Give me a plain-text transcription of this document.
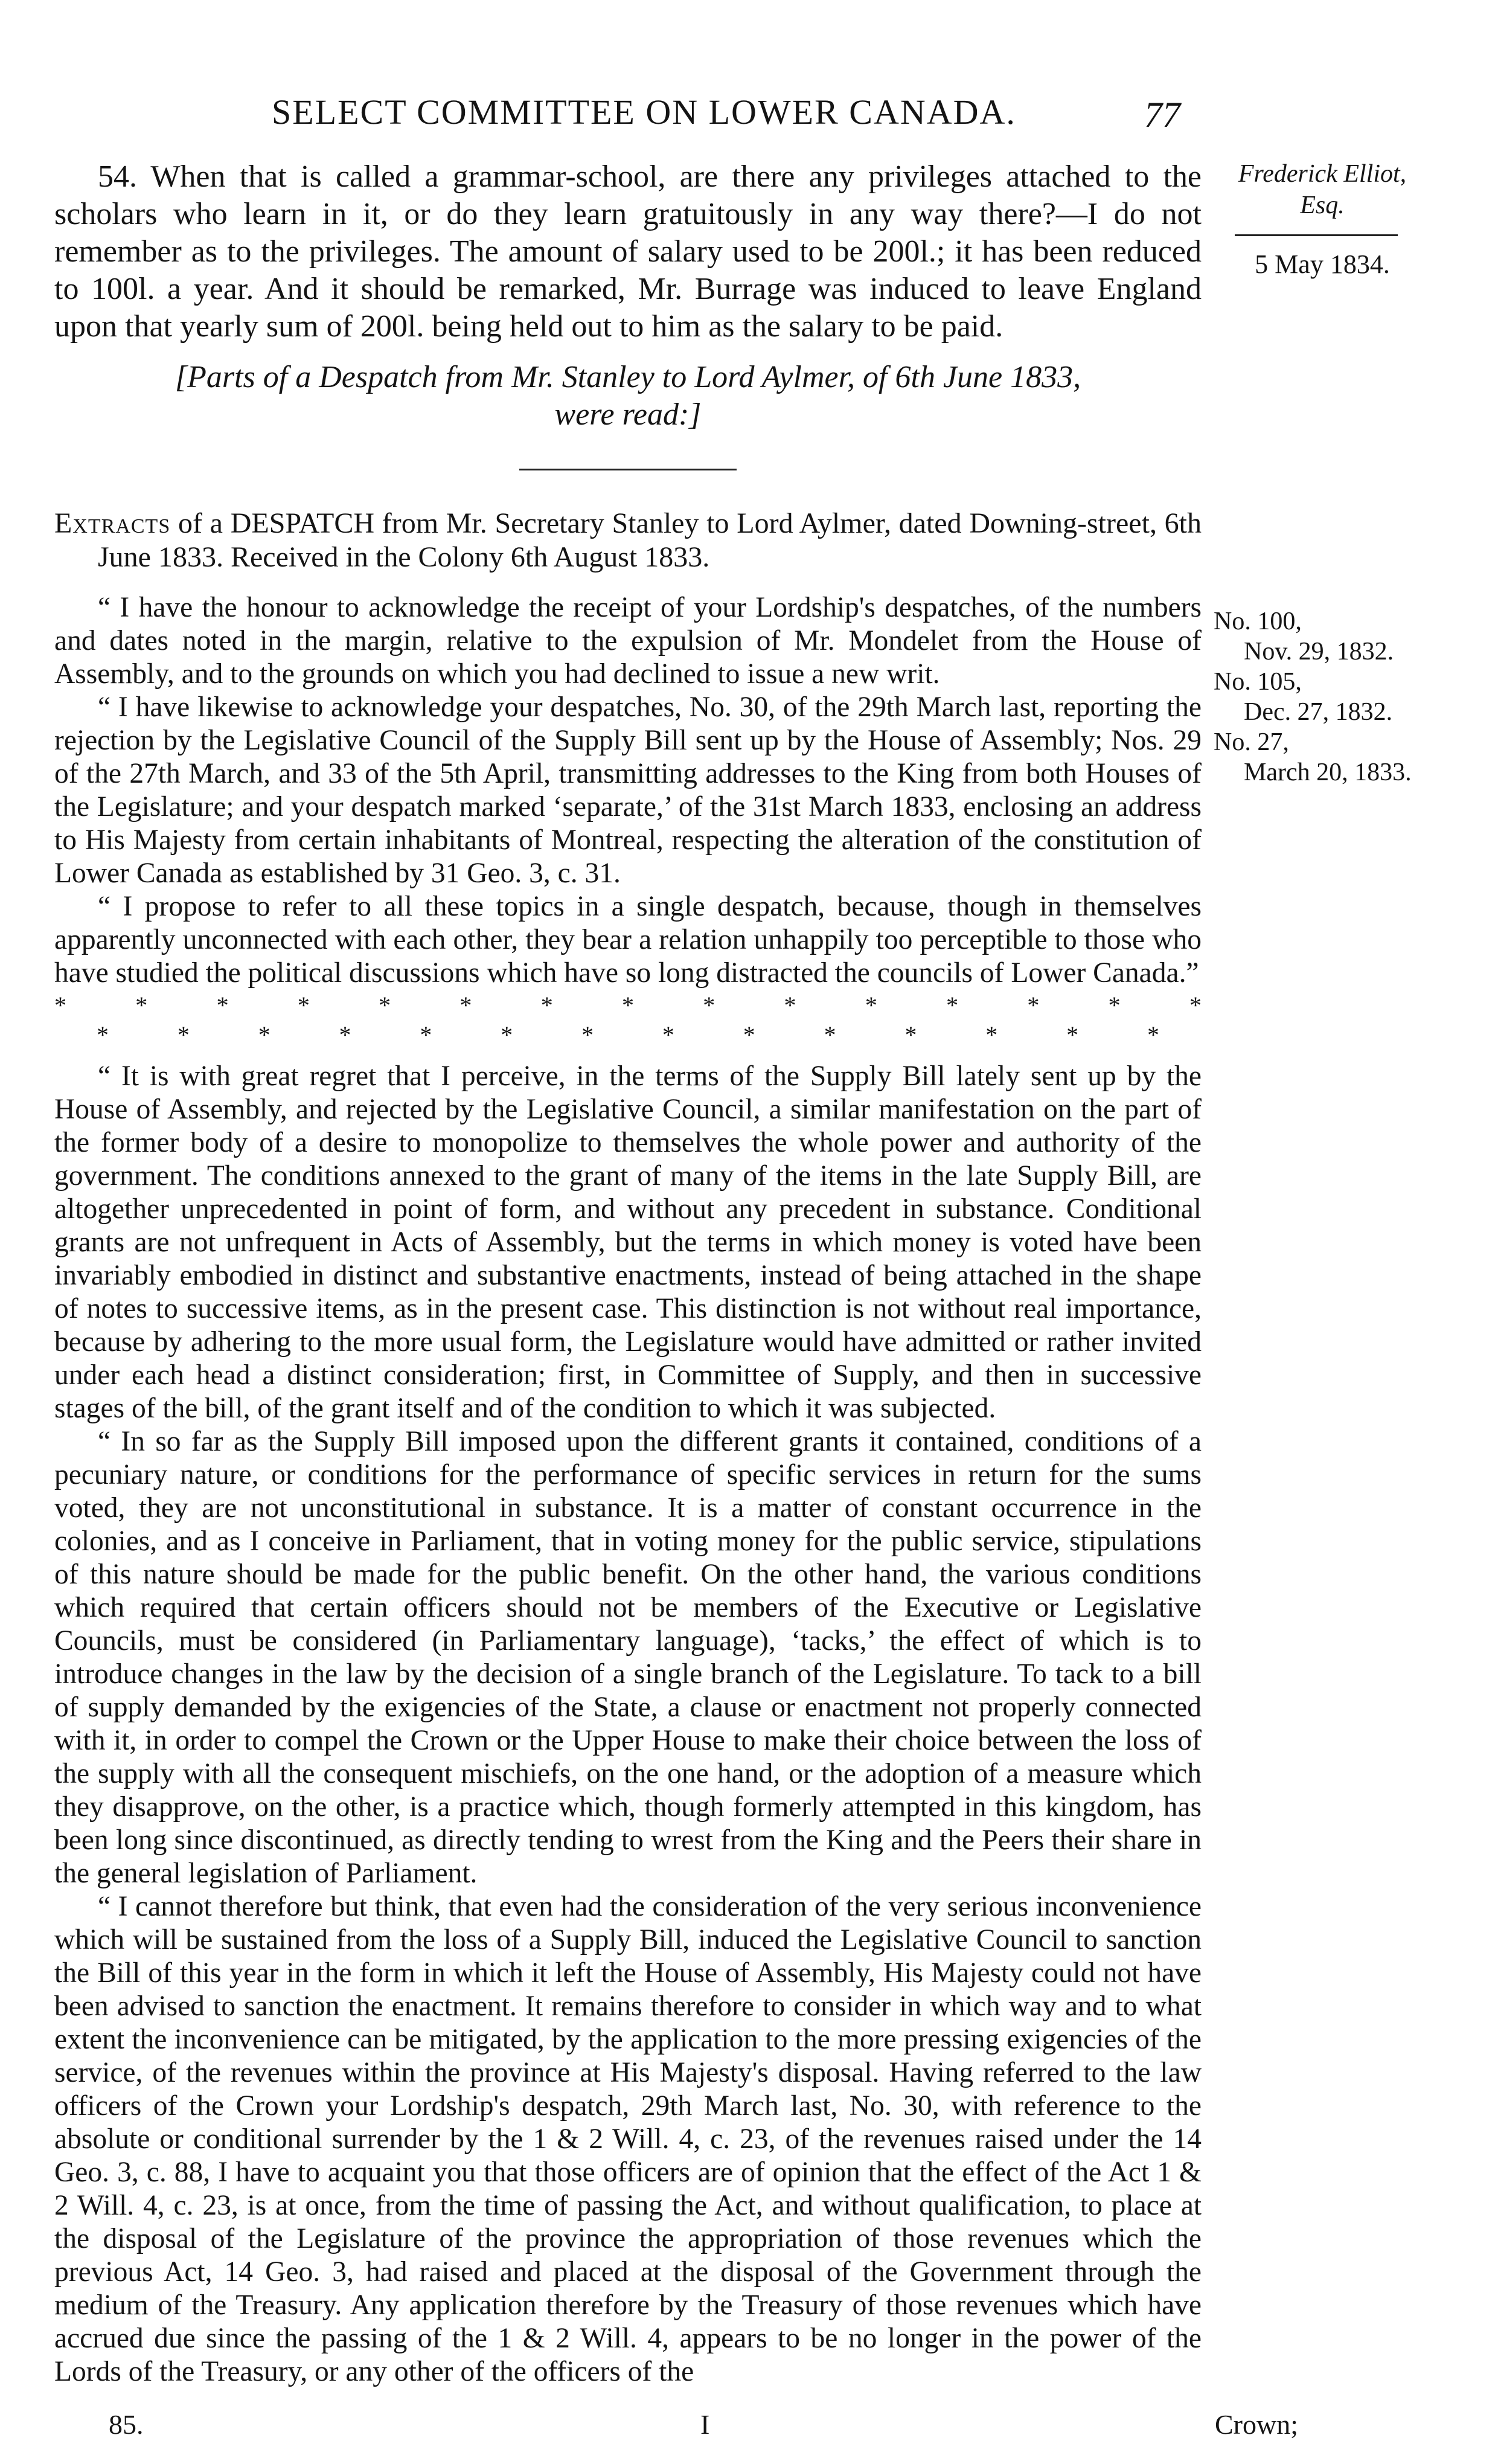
SELECT COMMITTEE ON LOWER CANADA.	77
Frederick Elliot, Esq.
5 May 1834.
No. 100,
Nov. 29, 1832.
No. 105,
Dec. 27, 1832.
No. 27,
March 20, 1833.

54. When that is called a grammar-school, are there any privileges attached to the scholars who learn in it, or do they learn gratuitously in any way there?—I do not remember as to the privileges. The amount of salary used to be 200l.; it has been reduced to 100l. a year. And it should be remarked, Mr. Burrage was induced to leave England upon that yearly sum of 200l. being held out to him as the salary to be paid.

[Parts of a Despatch from Mr. Stanley to Lord Aylmer, of 6th June 1833,
were read:]

Extracts of a DESPATCH from Mr. Secretary Stanley to Lord Aylmer, dated Downing-street, 6th June 1833. Received in the Colony 6th August 1833.

“ I have the honour to acknowledge the receipt of your Lordship's despatches, of the numbers and dates noted in the margin, relative to the expulsion of Mr. Mondelet from the House of Assembly, and to the grounds on which you had declined to issue a new writ.

“ I have likewise to acknowledge your despatches, No. 30, of the 29th March last, reporting the rejection by the Legislative Council of the Supply Bill sent up by the House of Assembly; Nos. 29 of the 27th March, and 33 of the 5th April, transmitting addresses to the King from both Houses of the Legislature; and your despatch marked ‘separate,’ of the 31st March 1833, enclosing an address to His Majesty from certain inhabitants of Montreal, respecting the alteration of the constitution of Lower Canada as established by 31 Geo. 3, c. 31.

“ I propose to refer to all these topics in a single despatch, because, though in themselves apparently unconnected with each other, they bear a relation unhappily too perceptible to those who have studied the political discussions which have so long distracted the councils of Lower Canada.”

*	*	*	*	*	*	*	*	*	*	*	*	*	*	*
*	*	*	*	*	*	*	*	*	*	*	*	*	*

“ It is with great regret that I perceive, in the terms of the Supply Bill lately sent up by the House of Assembly, and rejected by the Legislative Council, a similar manifestation on the part of the former body of a desire to monopolize to themselves the whole power and authority of the government. The conditions annexed to the grant of many of the items in the late Supply Bill, are altogether unprecedented in point of form, and without any precedent in substance. Conditional grants are not unfrequent in Acts of Assembly, but the terms in which money is voted have been invariably embodied in distinct and substantive enactments, instead of being attached in the shape of notes to successive items, as in the present case. This distinction is not without real importance, because by adhering to the more usual form, the Legislature would have admitted or rather invited under each head a distinct consideration; first, in Committee of Supply, and then in successive stages of the bill, of the grant itself and of the condition to which it was subjected.

“ In so far as the Supply Bill imposed upon the different grants it contained, conditions of a pecuniary nature, or conditions for the performance of specific services in return for the sums voted, they are not unconstitutional in substance. It is a matter of constant occurrence in the colonies, and as I conceive in Parliament, that in voting money for the public service, stipulations of this nature should be made for the public benefit. On the other hand, the various conditions which required that certain officers should not be members of the Executive or Legislative Councils, must be considered (in Parliamentary language), ‘tacks,’ the effect of which is to introduce changes in the law by the decision of a single branch of the Legislature. To tack to a bill of supply demanded by the exigencies of the State, a clause or enactment not properly connected with it, in order to compel the Crown or the Upper House to make their choice between the loss of the supply with all the consequent mischiefs, on the one hand, or the adoption of a measure which they disapprove, on the other, is a practice which, though formerly attempted in this kingdom, has been long since discontinued, as directly tending to wrest from the King and the Peers their share in the general legislation of Parliament.

“ I cannot therefore but think, that even had the consideration of the very serious inconvenience which will be sustained from the loss of a Supply Bill, induced the Legislative Council to sanction the Bill of this year in the form in which it left the House of Assembly, His Majesty could not have been advised to sanction the enactment. It remains therefore to consider in which way and to what extent the inconvenience can be mitigated, by the application to the more pressing exigencies of the service, of the revenues within the province at His Majesty's disposal. Having referred to the law officers of the Crown your Lordship's despatch, 29th March last, No. 30, with reference to the absolute or conditional surrender by the 1 & 2 Will. 4, c. 23, of the revenues raised under the 14 Geo. 3, c. 88, I have to acquaint you that those officers are of opinion that the effect of the Act 1 & 2 Will. 4, c. 23, is at once, from the time of passing the Act, and without qualification, to place at the disposal of the Legislature of the province the appropriation of those revenues which the previous Act, 14 Geo. 3, had raised and placed at the disposal of the Government through the medium of the Treasury. Any application therefore by the Treasury of those revenues which have accrued due since the passing of the 1 & 2 Will. 4, appears to be no longer in the power of the Lords of the Treasury, or any other of the officers of the

85.	I	Crown;
